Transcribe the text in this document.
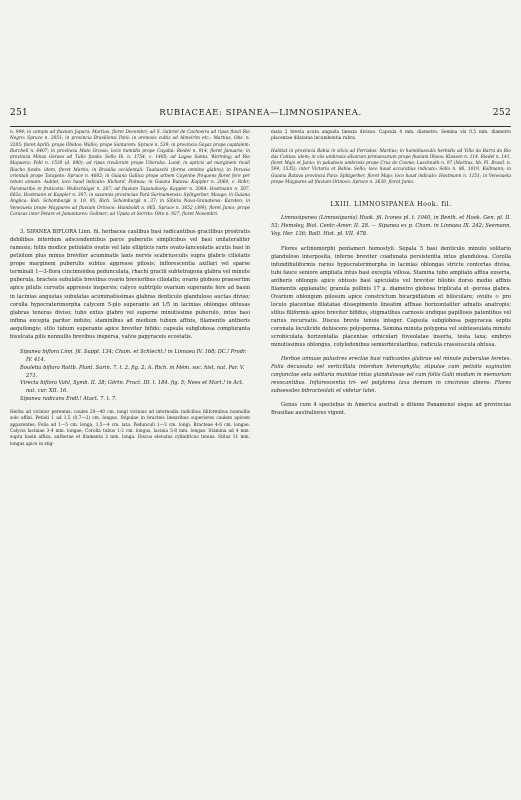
251	RUBIACEAE: SIPANEA—LIMNOSIPANEA.	252

n. 994; in campis ad fluvium Japurá: Martius, floret Decembri; ad S. Gabriel de Cachoeira ad ripas fluvii Rio Negro: Spruce n. 2051; in provincia Brasiliensi Pará: in arenosis cultis ad Almeirim etc.: Martius, Obs. n. 3285; floret Aprili; prope Óbidos: Wallis; prope Santarem: Spruce n. 539; in provincia Goyaz prope capitalem: Burchell n. 6407; in provincia Mato Grosso, locis humidis prope Cuyabá: Riedel n. 914, floret Januario; in provincia Minas Geraes ad Tullo fundo: Sello Ib. n. 1754, c. 1485; ad Lagoa Santa: Warming; ad Rio Mapuera: Pohl n. 1530 (d. 890); ad ripas rivulorum prope Uberaba: Lund; in apricis ad marginem rivuli Riacho fundo: idem, floret Martio; in Brasilia occidentali: Tauhaschi (forma omnino glabra); in Peruvia orientali prope Tarapoto: Spruce n. 4602; in Guiana Gallica prope urbem Cayenne frequens floret fere per totum annum: Aublet; loco haud indicato: Richard, Poiteau; in Guiana Batava: Kappler n. 2064, c. Rohr; Paramaribo in fruticetis: Wullschlägel n. 267; ad fluvium Tapanahony: Kappler n. 2084, Hostmann n. 507, 602a, Hostmann et Kappler n. 307; in savannis provinciae Parâ Surinamensis: Splitgerber, Mauge; in Guiana Anglica: Rob. Schomburgk n. 19, 95, Rich. Schomburgk n. 37; in Sibiria Nova-Granatensi: Karsten; in Venezuela prope Maypures ad fluvium Orinoco: Humboldt n. 865, Spruce n. 3652 (399), floret Junio; prope Caracas inter Petare et Jamantares: Gollmer; ad Upata et Serrito: Otto n. 927, floret Novembri.

3. SIPANEA BIFLORA Linn. fil. herbacea caulibus basi radicantibus gracilibus prostratis debilibus interdum adscendentibus parce puberulis simplicibus vel basi unilateraliter ramosis; foliis modice petiolatis ovatis vel late ellipticis raris ovato-lanceolatis acutis basi in petiolum plus minus breviter acuminatis laxis nervis scabriusculis supra glabris ciliolatis prope marginem puberulis subtus appresse pilosis; inflorescentia axillari vel sparse terminali 1—3-flora cincinnoidea pedunculata, rhachi gracili subtetragona glabra vel minute puberula, bracteis subulatis brevibus ovario brevioribus ciliolatis; ovario globoso praesertim apice pilulis curvatis appressis inspersis; calyce subtriplo ovarium superante fere ad basin in lacinias angustas subulatas acuminatissimas glabras denticulo glanduloso auctas diviso; corolla hypocraterimorpha calycem 5-plo superante ad 1/5 in lacinias oblongas obtusas glabras teneras diviso; tubo extus glabro vel superne minutissime puberulo, intus basi infima excepta pariter induto; staminibus ad medium tubum affixis, filamentis antheris aequilongis; stilo tubum superante apice breviter bifido; capsula subglobosa compluranta bisulcata pilis nonnullis brevibus inspersa, valvis papyraceis ecostatis.

Sipanea biflora Linn. fil. Suppl. 134; Cham. et Schlecht.! in Linnaea IV. 168; DC.! Prodr. IV. 414.

Bouletia biflora Rottb. Plant. Surin. 7. t. 2. fig. 2; A. Rich. in Mém. soc. hist. nat. Par. V. 271.

Virecta biflora Vahl, Symb. II. 38; Görtn. Fruct. III. t. 184. fig. 5; Nees et Mart.! in Act. nat. cur. XII. 16.

Sipanea radicans Endl.! Atact. 7. t. 7.

Herba ad vicinior perennis; caules 20—40 cm. longi vicinius ad internodia radicibus filiformibus nonnullis solo affixi. Petioli 1 ad 1,5 (0,7—2) cm. longus. Stipulae in bracteis linearibus superiores caulem apicem apparentes; Folia ad 1—5 cm. longa, 1,5—4 cm. lata. Pedunculi 1—3 cm. longi; Bracteae 4-6 cm. longae. Calycis laciniae 3-4 mm. longae; Corolla tubus 1-2 cm. longus, lacinia 5-8 mm. longae. Stamina ad 4 mm. supra basin affixa, antherae et filamenta 2 mm. longa. Discus elevatus cylindricus tenuis. Stilus 11 mm. longus apice in stig-

mata 2 brevia acuta angusta lineata divisus. Capsula 4 mm. diametro. Semina vix 0,5 mm. diametro placentae dilatatae incumbentia rubra.

Habitat in provincia Bahia in silvis ad Ferradas: Martius; in humidiusculis herbidis ad Villa da Barra do Rio das Contas: idem; in viis umbrosis silvarum primaevarum prope fluvium Ilheos: Klassen n. 114, Riedel n. 141, floret Majo et Junio; in paludosis umbrosis prope Cruz de Cosme: Luschnath n. 97 (Martius, hb. Fl. Brasil. n. 594, 1535); inter Victoria et Bahia: Sello; loco haud accuratius indicato: Sello n. 86, 1019, Kollmann; in Guiana Batava provincia Para: Splitgerber, floret Majo; loco haud indicato: Hostmann n. 1151; in Venezuela prope Maypures ad fluvium Orinoco: Spruce n. 3639, floret Junio.

LXIII. LIMNOSIPANEA Hook. fil.

Limnosipanea (Limnosipania) Hook. fil. Icones pl. t. 1040, in Benth. et Hook. Gen. pl. II. 53; Hemsley, Biol. Centr.-Amer. II. 28. — Sipanea ex p. Cham. in Linnaea IX. 242; Seemann, Voy. Her. 136; Baill. Hist. pl. VII. 478.

Flores actinomorphi pentameri homostyli. Sepala 5 basi denticulo minuto solitario glanduloso interposita, inferne breviter coadunata persistentia intus glandulosa. Corolla infundibuliformis rarius hypocraterimorpha in lacinias oblongas stricte contortas divisa, tubi fauce seniore ampliata intus basi excepta villosa. Stamina tubo ampliato affixa exserta, antheris oblongis apice obtusis basi apiculatis vel breviter bilobis dorso medio affixis filamentis applanatis; granula pollinis 17 μ. diametro globosa triplicata et -porosa glabra. Ovarium oblongum pilosum apice constrictum bicarpidiatum et biloculare; ovulis ∞ pro loculo placentae dilatatae dissepimento lineatim affixae horizontaliter adnatis anatropis; stilus filiformis apice breviter bifidus, stigmatibus carnosis undique papillosis patentibus vel rarius recurvatis. Discus brevis tenuis integer. Capsula subglobosa papyracea septis coronata loculicide dehiscens polysperma. Semina minuta polygona vel subteseulata minute scrobiculata horizontalia placentae orbiculari foveolatae inserta, testa laxa; embryo minutissimus oblongus, cotyledonibus semiorbicularibus, radicula crassiuscula obtusa.

Herbae annuae palustres erectae basi radicantes glabrae vel minute puberulae teretes. Folia decussata vel verticillata interdum heterophylla; stipulae cum petiolis vaginatim conjunctae seta solitaria munitae intus glandulosae vel cum foliis Galii modum in memoriam revocantibus. Inflorescentia tri- vel polytoma laxa demum in cincinnos abiens. Flores subsessiles bibracteolati et videtur lutei.

Genus cum 4 speciebus in America australi a ditione Panamensi usque ad provincias Brasiliae australiores vigent.
